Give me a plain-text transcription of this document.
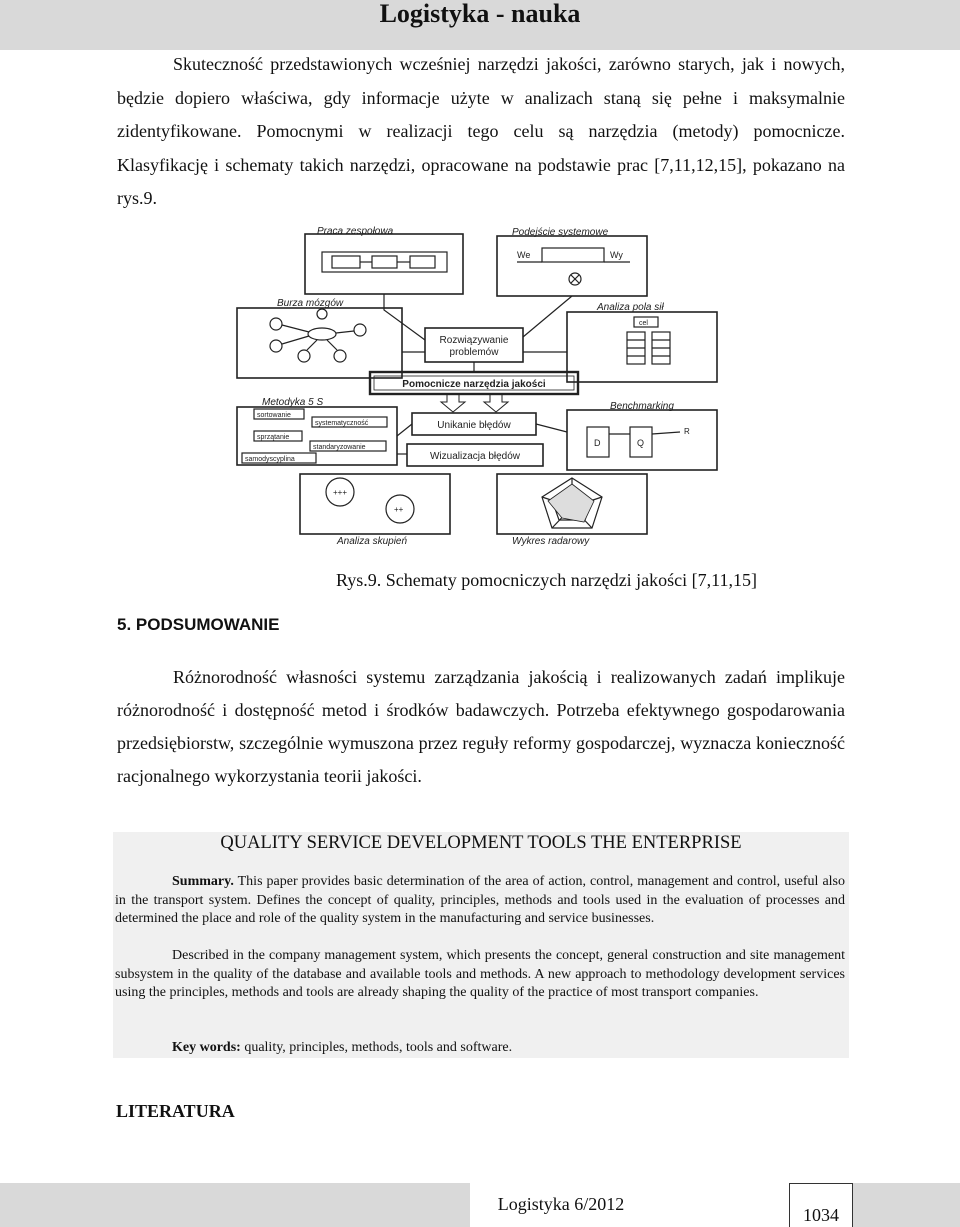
Logistyka - nauka

Skuteczność przedstawionych wcześniej narzędzi jakości, zarówno starych, jak i nowych, będzie dopiero właściwa, gdy informacje użyte w analizach staną się pełne i maksymalnie zidentyfikowane. Pomocnymi w realizacji tego celu są narzędzia (metody) pomocnicze. Klasyfikację i schematy takich narzędzi, opracowane na podstawie prac [7,11,12,15], pokazano na rys.9.

Praca zespołowa	Podejście systemowe
We	Wy
Burza mózgów	Analiza pola sił
cel
Rozwiązywanie
problemów
Pomocnicze narzędzia jakości
Metodyka 5 S
sortowanie
systematyczność
sprzątanie
standaryzowanie
samodyscyplina
Unikanie błędów
Wizualizacja błędów
Benchmarking
D	Q
R
+++
++
Analiza skupień	Wykres radarowy
Rys.9. Schematy pomocniczych narzędzi jakości [7,11,15]
5. PODSUMOWANIE

Różnorodność własności systemu zarządzania jakością i realizowanych zadań implikuje różnorodność i dostępność metod i środków badawczych. Potrzeba efektywnego gospodarowania przedsiębiorstw, szczególnie wymuszona przez reguły reformy gospodarczej, wyznacza konieczność racjonalnego wykorzystania teorii jakości.

QUALITY SERVICE DEVELOPMENT TOOLS THE ENTERPRISE

Summary. This paper provides basic determination of the area of action, control, management and control, useful also in the transport system. Defines the concept of quality, principles, methods and tools used in the evaluation of processes and determined the place and role of the quality system in the manufacturing and service businesses.

Described in the company management system, which presents the concept, general construction and site management subsystem in the quality of the database and available tools and methods. A new approach to methodology development services using the principles, methods and tools are already shaping the quality of the practice of most transport companies.

Key words: quality, principles, methods, tools and software.
LITERATURA
Logistyka 6/2012
1034
